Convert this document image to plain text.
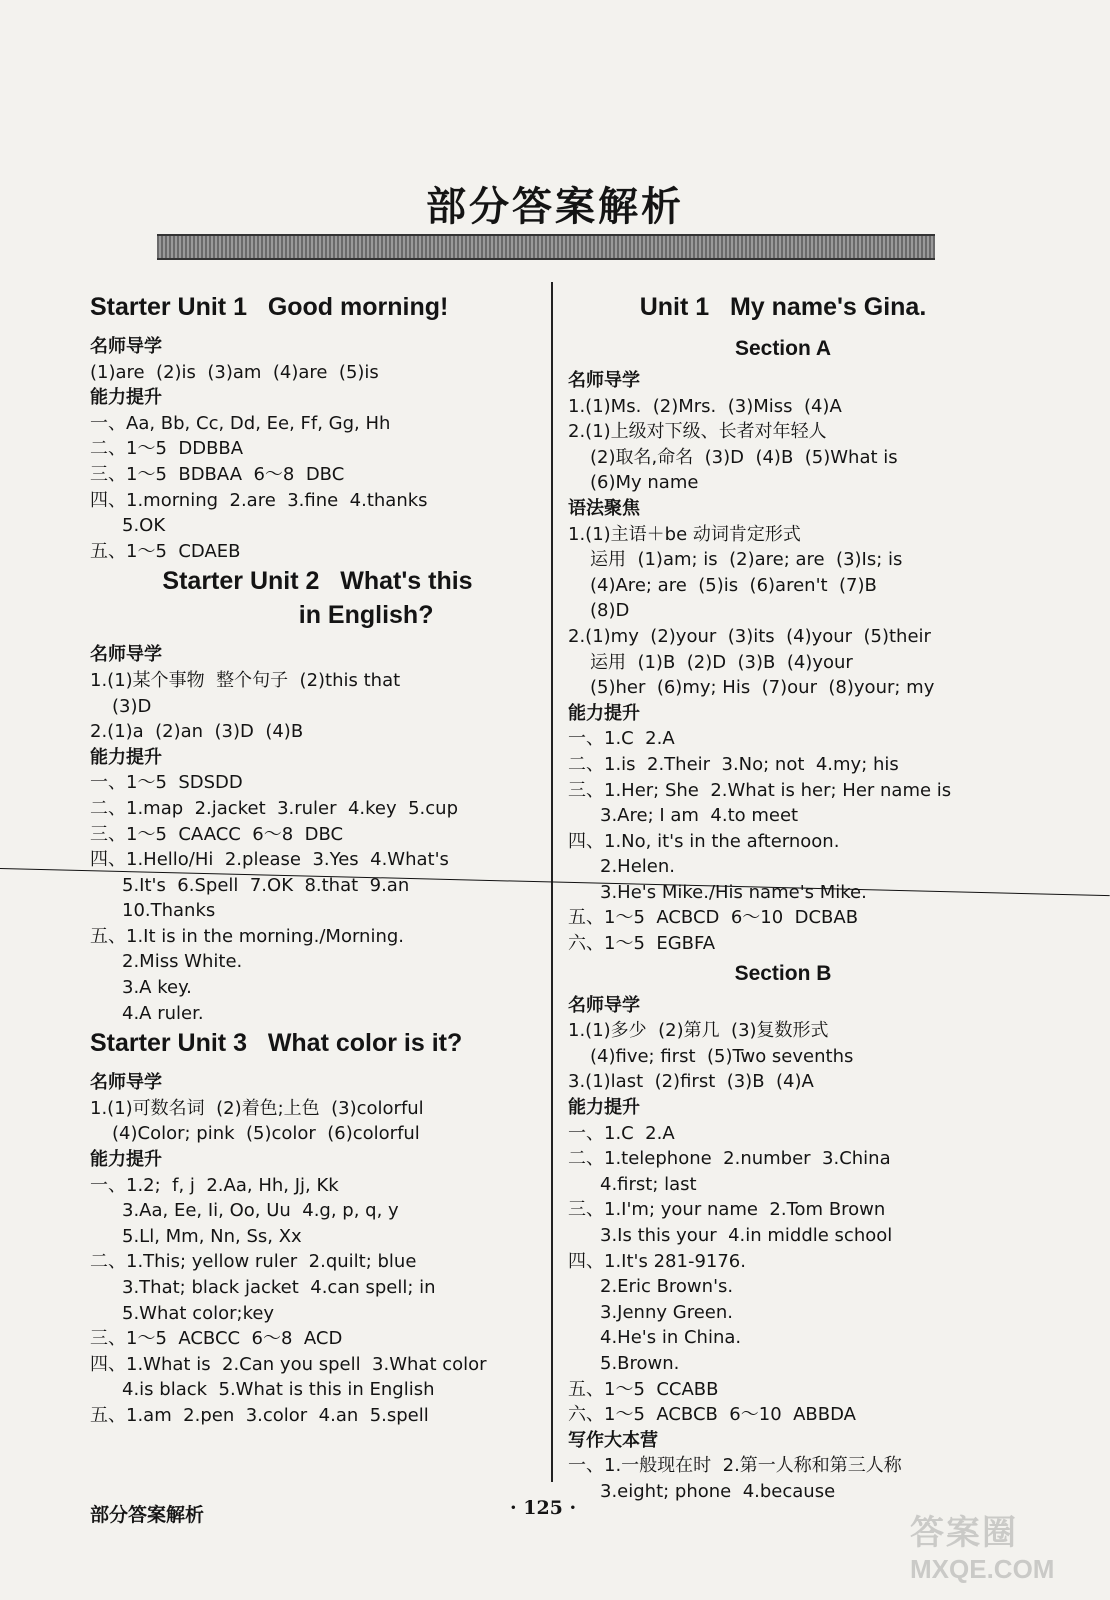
部分答案解析
Starter Unit 1   Good morning!
名师导学
(1)are  (2)is  (3)am  (4)are  (5)is
能力提升
一、Aa, Bb, Cc, Dd, Ee, Ff, Gg, Hh
二、1～5  DDBBA
三、1～5  BDBAA  6～8  DBC
四、1.morning  2.are  3.fine  4.thanks
5.OK
五、1～5  CDAEB
Starter Unit 2   What's this
in English?
名师导学
1.(1)某个事物  整个句子  (2)this that
(3)D
2.(1)a  (2)an  (3)D  (4)B
能力提升
一、1～5  SDSDD
二、1.map  2.jacket  3.ruler  4.key  5.cup
三、1～5  CAACC  6～8  DBC
四、1.Hello/Hi  2.please  3.Yes  4.What's
5.It's  6.Spell  7.OK  8.that  9.an
10.Thanks
五、1.It is in the morning./Morning.
2.Miss White.
3.A key.
4.A ruler.
Starter Unit 3   What color is it?
名师导学
1.(1)可数名词  (2)着色;上色  (3)colorful
(4)Color; pink  (5)color  (6)colorful
能力提升
一、1.2;  f, j  2.Aa, Hh, Jj, Kk
3.Aa, Ee, Ii, Oo, Uu  4.g, p, q, y
5.Ll, Mm, Nn, Ss, Xx
二、1.This; yellow ruler  2.quilt; blue
3.That; black jacket  4.can spell; in
5.What color;key
三、1～5  ACBCC  6～8  ACD
四、1.What is  2.Can you spell  3.What color
4.is black  5.What is this in English
五、1.am  2.pen  3.color  4.an  5.spell
Unit 1   My name's Gina.
Section A
名师导学
1.(1)Ms.  (2)Mrs.  (3)Miss  (4)A
2.(1)上级对下级、长者对年轻人
(2)取名,命名  (3)D  (4)B  (5)What is
(6)My name
语法聚焦
1.(1)主语＋be 动词肯定形式
运用  (1)am; is  (2)are; are  (3)Is; is
(4)Are; are  (5)is  (6)aren't  (7)B
(8)D
2.(1)my  (2)your  (3)its  (4)your  (5)their
运用  (1)B  (2)D  (3)B  (4)your
(5)her  (6)my; His  (7)our  (8)your; my
能力提升
一、1.C  2.A
二、1.is  2.Their  3.No; not  4.my; his
三、1.Her; She  2.What is her; Her name is
3.Are; I am  4.to meet
四、1.No, it's in the afternoon.
2.Helen.
3.He's Mike./His name's Mike.
五、1～5  ACBCD  6～10  DCBAB
六、1～5  EGBFA
Section B
名师导学
1.(1)多少  (2)第几  (3)复数形式
(4)five; first  (5)Two sevenths
3.(1)last  (2)first  (3)B  (4)A
能力提升
一、1.C  2.A
二、1.telephone  2.number  3.China
4.first; last
三、1.I'm; your name  2.Tom Brown
3.Is this your  4.in middle school
四、1.It's 281-9176.
2.Eric Brown's.
3.Jenny Green.
4.He's in China.
5.Brown.
五、1～5  CCABB
六、1～5  ACBCB  6～10  ABBDA
写作大本营
一、1.一般现在时  2.第一人称和第三人称
3.eight; phone  4.because
部分答案解析	· 125 ·
答案圈
MXQE.COM
